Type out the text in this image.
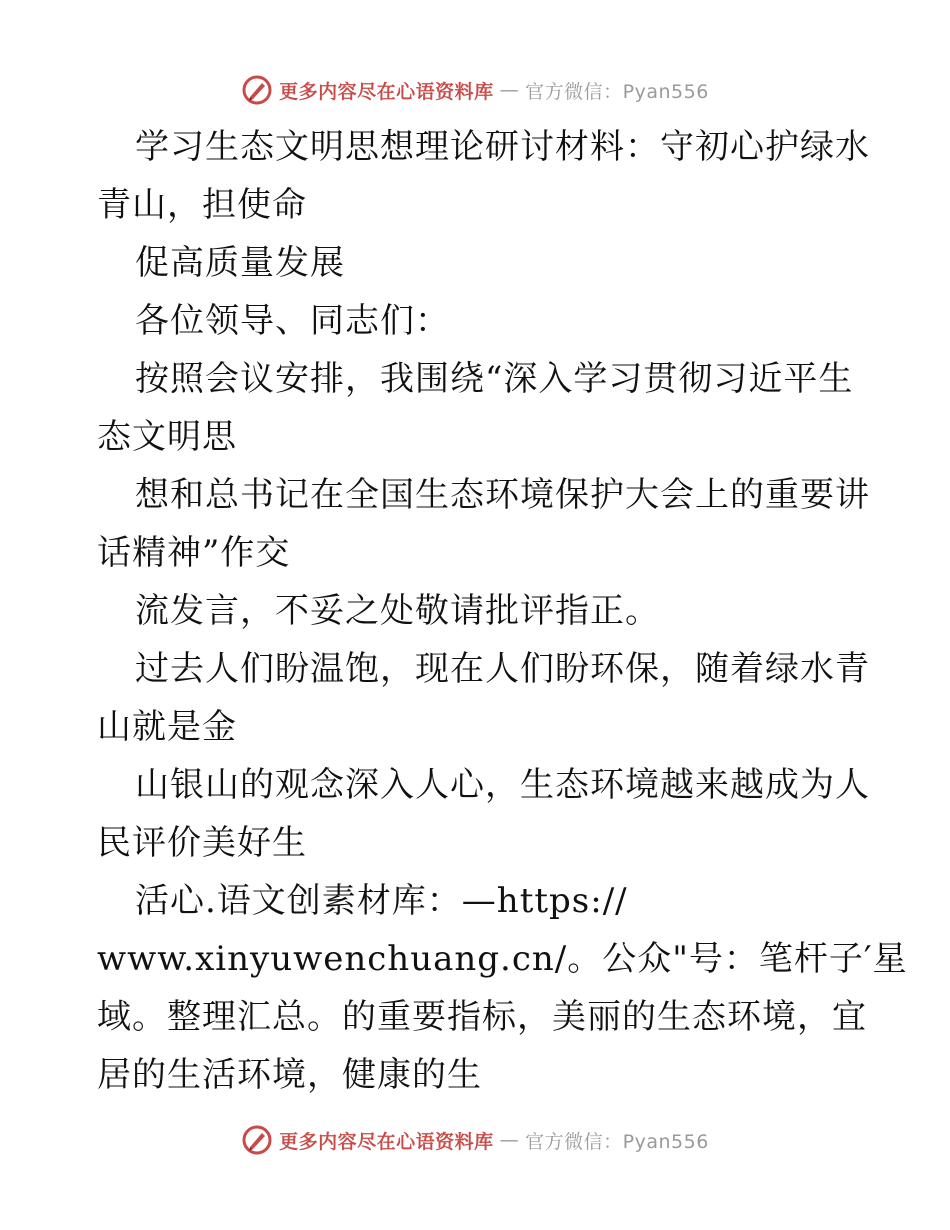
更多内容尽在心语资料库 — 官方微信：Pyan556
学习生态文明思想理论研讨材料：守初心护绿水
青山，担使命
促高质量发展
各位领导、同志们：
按照会议安排，我围绕“深入学习贯彻习近平生
态文明思
想和总书记在全国生态环境保护大会上的重要讲
话精神”作交
流发言，不妥之处敬请批评指正。
过去人们盼温饱，现在人们盼环保，随着绿水青
山就是金
山银山的观念深入人心，生态环境越来越成为人
民评价美好生
活心.语文创素材库：—https://
www.xinyuwenchuang.cn/。公众"号：笔杆子′星
域。整理汇总。的重要指标，美丽的生态环境，宜
居的生活环境，健康的生
更多内容尽在心语资料库 — 官方微信：Pyan556
